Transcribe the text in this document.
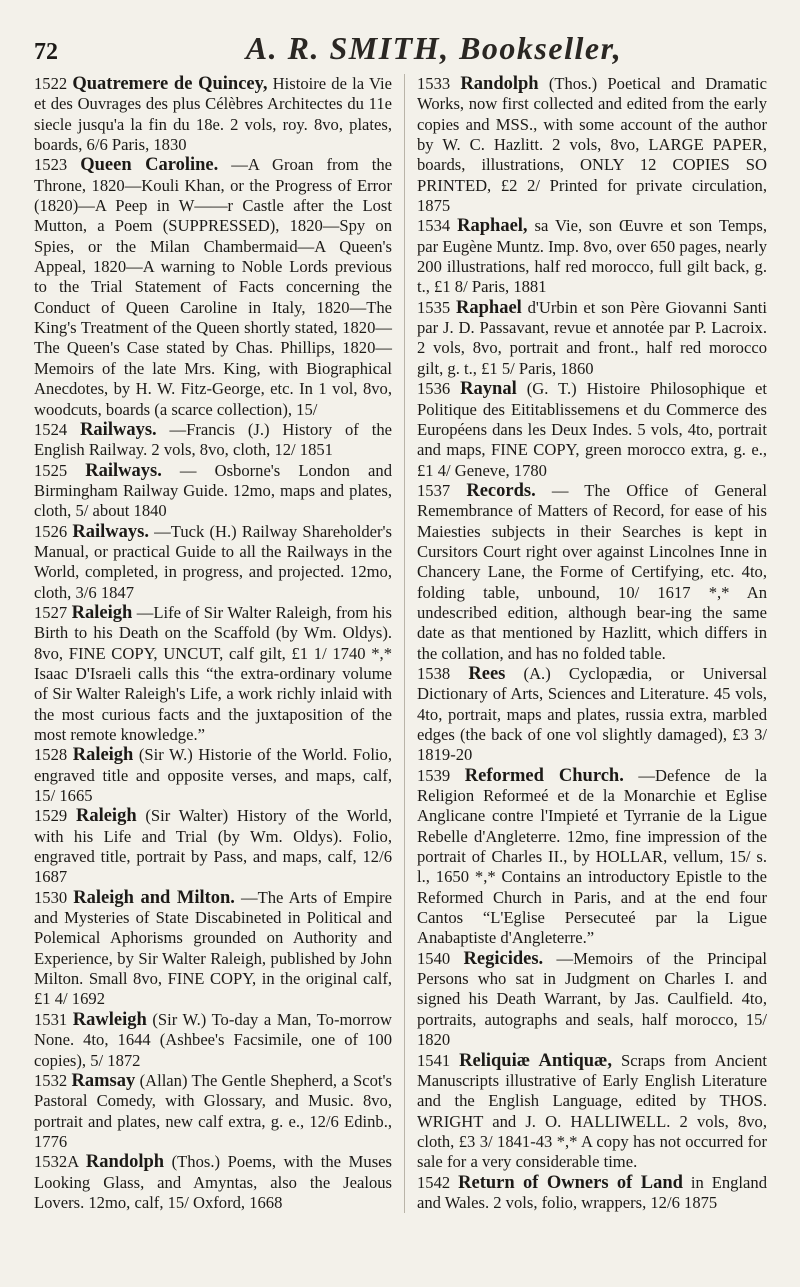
72	A. R. SMITH, Bookseller,

1522 Quatremere de Quincey, Histoire de la Vie et des Ouvrages des plus Célèbres Architectes du 11e siecle jusqu'a la fin du 18e. 2 vols, roy. 8vo, plates, boards, 6/6 Paris, 1830

1523 Queen Caroline. —A Groan from the Throne, 1820—Kouli Khan, or the Progress of Error (1820)—A Peep in W——r Castle after the Lost Mutton, a Poem (SUPPRESSED), 1820—Spy on Spies, or the Milan Chambermaid—A Queen's Appeal, 1820—A warning to Noble Lords previous to the Trial Statement of Facts concerning the Conduct of Queen Caroline in Italy, 1820—The King's Treatment of the Queen shortly stated, 1820—The Queen's Case stated by Chas. Phillips, 1820—Memoirs of the late Mrs. King, with Biographical Anecdotes, by H. W. Fitz-George, etc. In 1 vol, 8vo, woodcuts, boards (a scarce collection), 15/

1524 Railways. —Francis (J.) History of the English Railway. 2 vols, 8vo, cloth, 12/ 1851

1525 Railways. — Osborne's London and Birmingham Railway Guide. 12mo, maps and plates, cloth, 5/ about 1840

1526 Railways. —Tuck (H.) Railway Shareholder's Manual, or practical Guide to all the Railways in the World, completed, in progress, and projected. 12mo, cloth, 3/6 1847

1527 Raleigh —Life of Sir Walter Raleigh, from his Birth to his Death on the Scaffold (by Wm. Oldys). 8vo, FINE COPY, UNCUT, calf gilt, £1 1/ 1740 *,* Isaac D'Israeli calls this “the extra-ordinary volume of Sir Walter Raleigh's Life, a work richly inlaid with the most curious facts and the juxtaposition of the most remote knowledge.”

1528 Raleigh (Sir W.) Historie of the World. Folio, engraved title and opposite verses, and maps, calf, 15/ 1665

1529 Raleigh (Sir Walter) History of the World, with his Life and Trial (by Wm. Oldys). Folio, engraved title, portrait by Pass, and maps, calf, 12/6 1687

1530 Raleigh and Milton. —The Arts of Empire and Mysteries of State Discabineted in Political and Polemical Aphorisms grounded on Authority and Experience, by Sir Walter Raleigh, published by John Milton. Small 8vo, FINE COPY, in the original calf, £1 4/ 1692

1531 Rawleigh (Sir W.) To-day a Man, To-morrow None. 4to, 1644 (Ashbee's Facsimile, one of 100 copies), 5/ 1872

1532 Ramsay (Allan) The Gentle Shepherd, a Scot's Pastoral Comedy, with Glossary, and Music. 8vo, portrait and plates, new calf extra, g. e., 12/6 Edinb., 1776

1532A Randolph (Thos.) Poems, with the Muses Looking Glass, and Amyntas, also the Jealous Lovers. 12mo, calf, 15/ Oxford, 1668

1533 Randolph (Thos.) Poetical and Dramatic Works, now first collected and edited from the early copies and MSS., with some account of the author by W. C. Hazlitt. 2 vols, 8vo, LARGE PAPER, boards, illustrations, ONLY 12 COPIES SO PRINTED, £2 2/ Printed for private circulation, 1875

1534 Raphael, sa Vie, son Œuvre et son Temps, par Eugène Muntz. Imp. 8vo, over 650 pages, nearly 200 illustrations, half red morocco, full gilt back, g. t., £1 8/ Paris, 1881

1535 Raphael d'Urbin et son Père Giovanni Santi par J. D. Passavant, revue et annotée par P. Lacroix. 2 vols, 8vo, portrait and front., half red morocco gilt, g. t., £1 5/ Paris, 1860

1536 Raynal (G. T.) Histoire Philosophique et Politique des Eititablissemens et du Commerce des Européens dans les Deux Indes. 5 vols, 4to, portrait and maps, FINE COPY, green morocco extra, g. e., £1 4/ Geneve, 1780

1537 Records. — The Office of General Remembrance of Matters of Record, for ease of his Maiesties subjects in their Searches is kept in Cursitors Court right over against Lincolnes Inne in Chancery Lane, the Forme of Certifying, etc. 4to, folding table, unbound, 10/ 1617 *,* An undescribed edition, although bear-ing the same date as that mentioned by Hazlitt, which differs in the collation, and has no folded table.

1538 Rees (A.) Cyclopædia, or Universal Dictionary of Arts, Sciences and Literature. 45 vols, 4to, portrait, maps and plates, russia extra, marbled edges (the back of one vol slightly damaged), £3 3/ 1819-20

1539 Reformed Church. —Defence de la Religion Reformeé et de la Monarchie et Eglise Anglicane contre l'Impieté et Tyrranie de la Ligue Rebelle d'Angleterre. 12mo, fine impression of the portrait of Charles II., by HOLLAR, vellum, 15/ s. l., 1650 *,* Contains an introductory Epistle to the Reformed Church in Paris, and at the end four Cantos “L'Eglise Persecuteé par la Ligue Anabaptiste d'Angleterre.”

1540 Regicides. —Memoirs of the Principal Persons who sat in Judgment on Charles I. and signed his Death Warrant, by Jas. Caulfield. 4to, portraits, autographs and seals, half morocco, 15/ 1820

1541 Reliquiæ Antiquæ, Scraps from Ancient Manuscripts illustrative of Early English Literature and the English Language, edited by THOS. WRIGHT and J. O. HALLIWELL. 2 vols, 8vo, cloth, £3 3/ 1841-43 *,* A copy has not occurred for sale for a very considerable time.

1542 Return of Owners of Land in England and Wales. 2 vols, folio, wrappers, 12/6 1875
